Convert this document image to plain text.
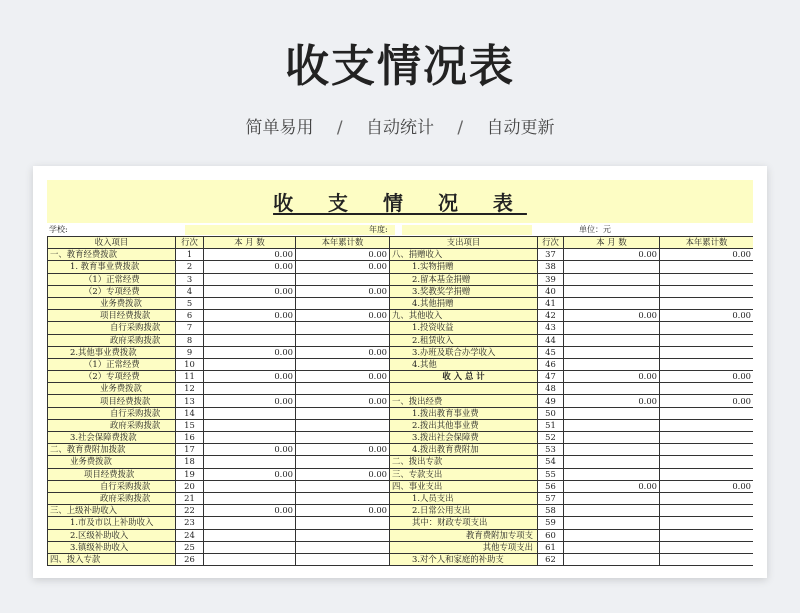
收支情况表
简单易用 / 自动统计 / 自动更新
收 支 情 况 表
学校:	年度:	单位：元
收入项目	行次	本 月 数	本年累计数	支出项目	行次	本 月 数	本年累计数
一、教育经费拨款	1	0.00	0.00	八、捐赠收入	37	0.00	0.00
1. 教育事业费拨款	2	0.00	0.00	1.实物捐赠	38		
（1）正常经费	3			2.留本基金捐赠	39		
（2）专项经费	4	0.00	0.00	3.奖教奖学捐赠	40		
业务费拨款	5			4.其他捐赠	41		
项目经费拨款	6	0.00	0.00	九、其他收入	42	0.00	0.00
自行采购拨款	7			1.投资收益	43		
政府采购拨款	8			2.租赁收入	44		
2.其他事业费拨款	9	0.00	0.00	3.办班及联合办学收入	45		
（1）正常经费	10			4.其他	46		
（2）专项经费	11	0.00	0.00	收 入 总 计	47	0.00	0.00
业务费拨款	12				48		
项目经费拨款	13	0.00	0.00	一、拨出经费	49	0.00	0.00
自行采购拨款	14			1.拨出教育事业费	50		
政府采购拨款	15			2.拨出其他事业费	51		
3.社会保障费拨款	16			3.拨出社会保障费	52		
二、教育费附加拨款	17	0.00	0.00	4.拨出教育费附加	53		
业务费拨款	18			二、拨出专款	54		
项目经费拨款	19	0.00	0.00	三、专款支出	55		
自行采购拨款	20			四、事业支出	56	0.00	0.00
政府采购拨款	21			1.人员支出	57		
三、上级补助收入	22	0.00	0.00	2.日常公用支出	58		
1.市及市以上补助收入	23			其中：财政专项支出	59		
2.区级补助收入	24			教育费附加专项支	60		
3.镇级补助收入	25			其他专项支出	61		
四、拨入专款	26			3.对个人和家庭的补助支	62		
